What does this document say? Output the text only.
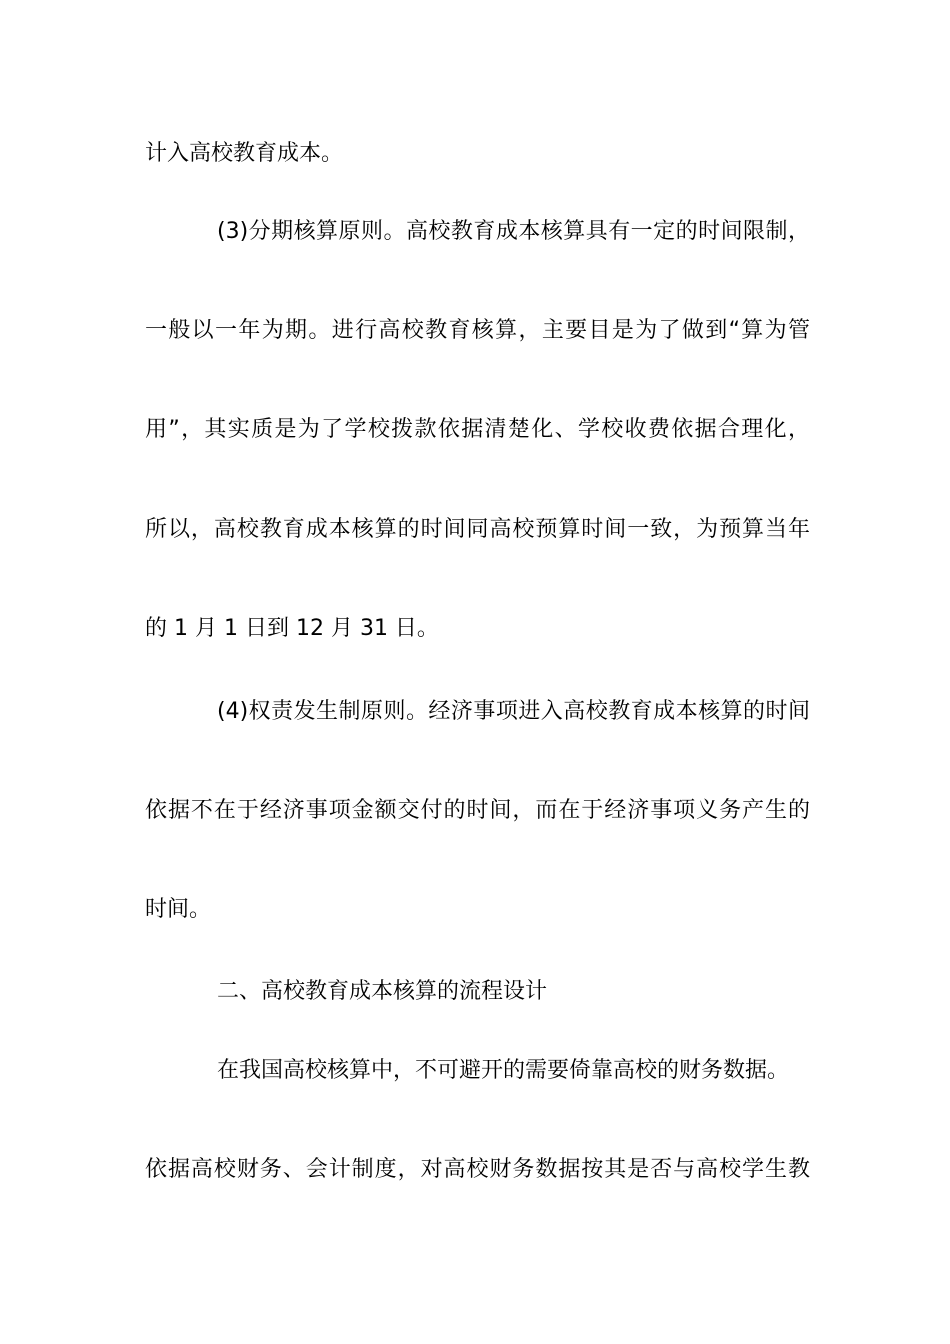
计入高校教育成本。
(3)分期核算原则。高校教育成本核算具有一定的时间限制，
一般以一年为期。进行高校教育核算，主要目是为了做到“算为管
用”，其实质是为了学校拨款依据清楚化、学校收费依据合理化，
所以，高校教育成本核算的时间同高校预算时间一致，为预算当年
的 1 月 1 日到 12 月 31 日。
(4)权责发生制原则。经济事项进入高校教育成本核算的时间
依据不在于经济事项金额交付的时间，而在于经济事项义务产生的
时间。
二、高校教育成本核算的流程设计
在我国高校核算中，不可避开的需要倚靠高校的财务数据。
依据高校财务、会计制度，对高校财务数据按其是否与高校学生教
